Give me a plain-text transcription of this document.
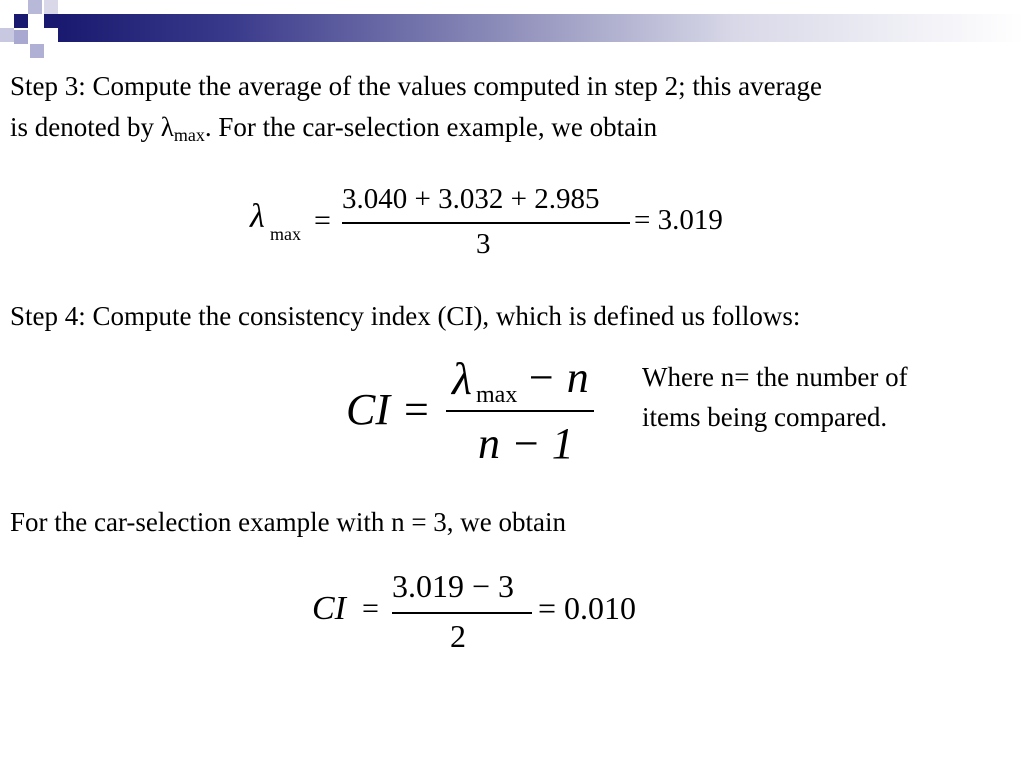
Step 3: Compute the average of the values computed in step 2; this average
is denoted by $\lambda_{max}$. For the car-selection example, we obtain
λ max =
3.040 + 3.032 + 2.985
3
= 3.019
Step 4: Compute the consistency index (CI), which is defined us follows:
CI =
λ max − n
n − 1
Where n= the number of
items being compared.
For the car-selection example with n = 3, we obtain
CI =
3.019 − 3
2
= 0.010
